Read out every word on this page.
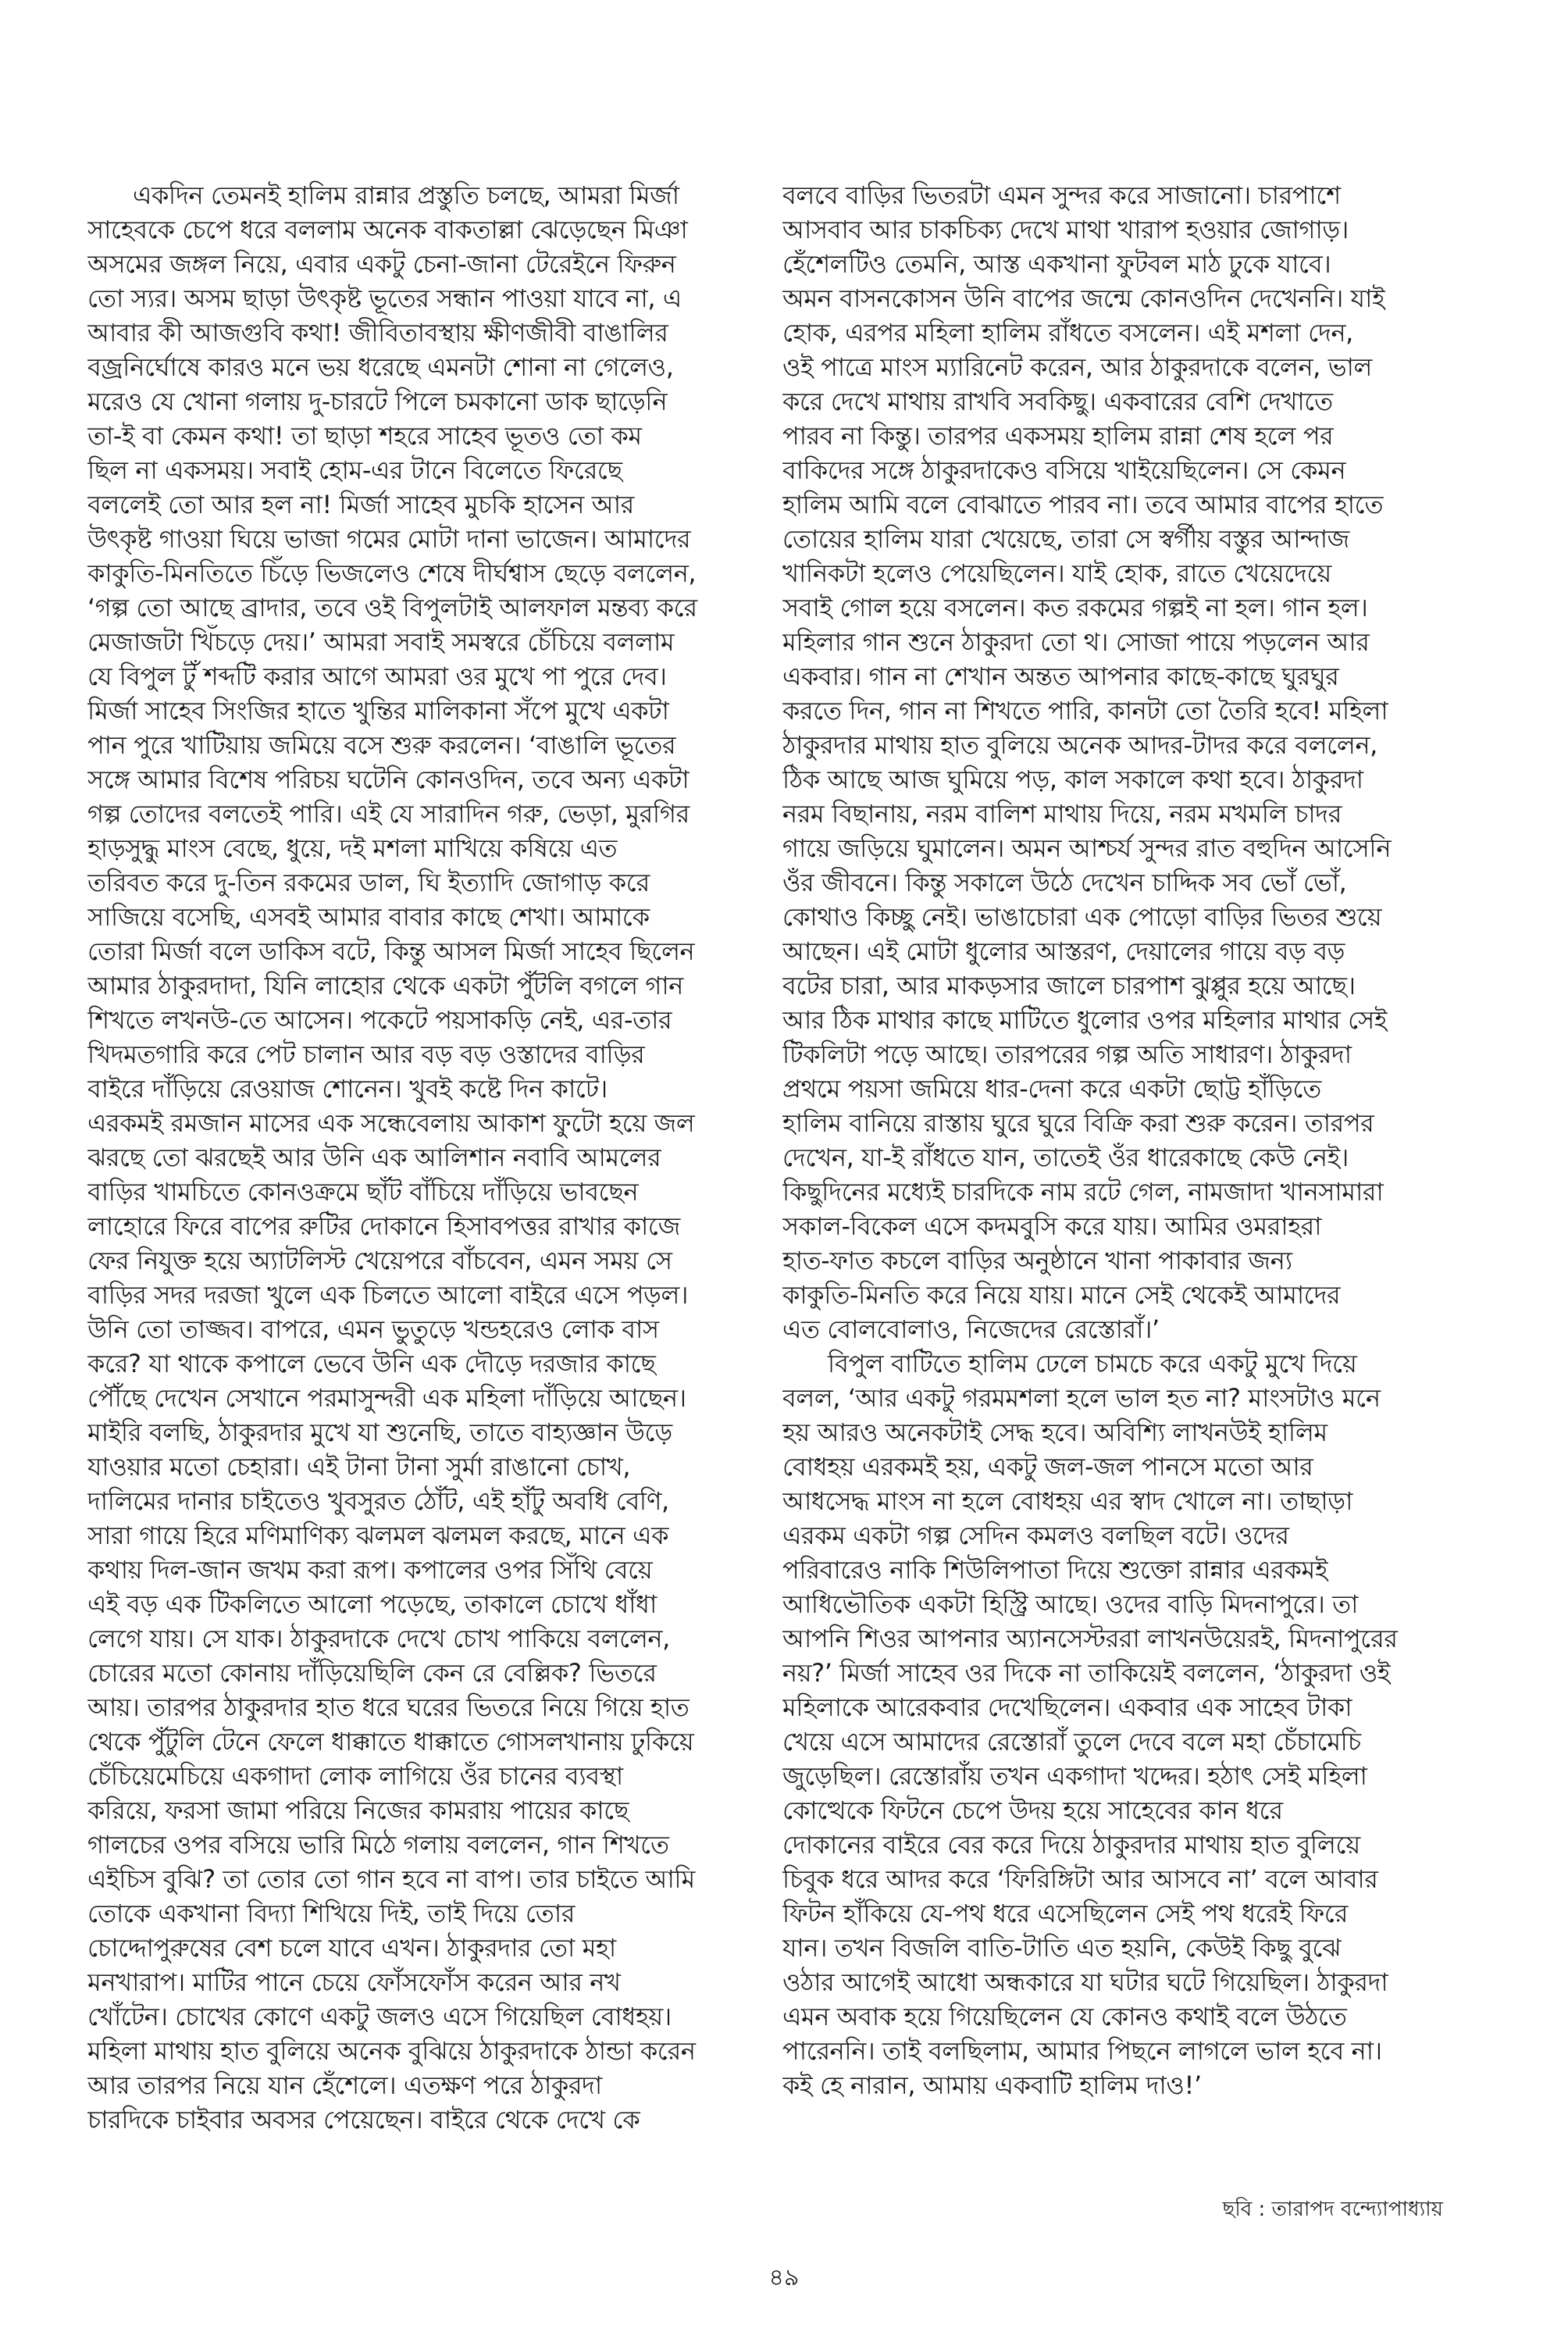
একদিন তেমনই হালিম রান্নার প্রস্তুতি চলছে, আমরা মির্জা
সাহেবকে চেপে ধরে বললাম অনেক বাকতাল্লা ঝেড়েছেন মিঞা
অসমের জঙ্গল নিয়ে, এবার একটু চেনা-জানা টেরেইনে ফিরুন
তো স্যর। অসম ছাড়া উৎকৃষ্ট ভূতের সন্ধান পাওয়া যাবে না, এ
আবার কী আজগুবি কথা! জীবিতাবস্থায় ক্ষীণজীবী বাঙালির
বজ্রনির্ঘোষে কারও মনে ভয় ধরেছে এমনটা শোনা না গেলেও,
মরেও যে খোনা গলায় দু-চারটে পিলে চমকানো ডাক ছাড়েনি
তা-ই বা কেমন কথা! তা ছাড়া শহরে সাহেব ভূতও তো কম
ছিল না একসময়। সবাই হোম-এর টানে বিলেতে ফিরেছে
বললেই তো আর হল না! মির্জা সাহেব মুচকি হাসেন আর
উৎকৃষ্ট গাওয়া ঘিয়ে ভাজা গমের মোটা দানা ভাজেন। আমাদের
কাকুতি-মিনতিতে চিঁড়ে ভিজলেও শেষে দীর্ঘশ্বাস ছেড়ে বললেন,
‘গল্প তো আছে ব্রাদার, তবে ওই বিপুলটাই আলফাল মন্তব্য করে
মেজাজটা খিঁচড়ে দেয়।’ আমরা সবাই সমস্বরে চেঁচিয়ে বললাম
যে বিপুল টুঁ শব্দটি করার আগে আমরা ওর মুখে পা পুরে দেব।
মির্জা সাহেব সিংজির হাতে খুন্তির মালিকানা সঁপে মুখে একটা
পান পুরে খাটিয়ায় জমিয়ে বসে শুরু করলেন। ‘বাঙালি ভূতের
সঙ্গে আমার বিশেষ পরিচয় ঘটেনি কোনওদিন, তবে অন্য একটা
গল্প তোদের বলতেই পারি। এই যে সারাদিন গরু, ভেড়া, মুরগির
হাড়সুদ্ধু মাংস বেছে, ধুয়ে, দই মশলা মাখিয়ে কষিয়ে এত
তরিবত করে দু-তিন রকমের ডাল, ঘি ইত্যাদি জোগাড় করে
সাজিয়ে বসেছি, এসবই আমার বাবার কাছে শেখা। আমাকে
তোরা মির্জা বলে ডাকিস বটে, কিন্তু আসল মির্জা সাহেব ছিলেন
আমার ঠাকুরদাদা, যিনি লাহোর থেকে একটা পুঁটলি বগলে গান
শিখতে লখনউ-তে আসেন। পকেটে পয়সাকড়ি নেই, এর-তার
খিদমতগারি করে পেট চালান আর বড় বড় ওস্তাদের বাড়ির
বাইরে দাঁড়িয়ে রেওয়াজ শোনেন। খুবই কষ্টে দিন কাটে।
এরকমই রমজান মাসের এক সন্ধেবেলায় আকাশ ফুটো হয়ে জল
ঝরছে তো ঝরছেই আর উনি এক আলিশান নবাবি আমলের
বাড়ির খামচিতে কোনওক্রমে ছাঁট বাঁচিয়ে দাঁড়িয়ে ভাবছেন
লাহোরে ফিরে বাপের রুটির দোকানে হিসাবপত্তর রাখার কাজে
ফের নিযুক্ত হয়ে অ্যাটলিস্ট খেয়েপরে বাঁচবেন, এমন সময় সে
বাড়ির সদর দরজা খুলে এক চিলতে আলো বাইরে এসে পড়ল।
উনি তো তাজ্জব। বাপরে, এমন ভুতুড়ে খন্ডহরেও লোক বাস
করে? যা থাকে কপালে ভেবে উনি এক দৌড়ে দরজার কাছে
পৌঁছে দেখেন সেখানে পরমাসুন্দরী এক মহিলা দাঁড়িয়ে আছেন।
মাইরি বলছি, ঠাকুরদার মুখে যা শুনেছি, তাতে বাহ্যজ্ঞান উড়ে
যাওয়ার মতো চেহারা। এই টানা টানা সুর্মা রাঙানো চোখ,
দালিমের দানার চাইতেও খুবসুরত ঠোঁট, এই হাঁটু অবধি বেণি,
সারা গায়ে হিরে মণিমাণিক্য ঝলমল ঝলমল করছে, মানে এক
কথায় দিল-জান জখম করা রূপ। কপালের ওপর সিঁথি বেয়ে
এই বড় এক টিকলিতে আলো পড়েছে, তাকালে চোখে ধাঁধা
লেগে যায়। সে যাক। ঠাকুরদাকে দেখে চোখ পাকিয়ে বললেন,
চোরের মতো কোনায় দাঁড়িয়েছিলি কেন রে বেল্লিক? ভিতরে
আয়। তারপর ঠাকুরদার হাত ধরে ঘরের ভিতরে নিয়ে গিয়ে হাত
থেকে পুঁটুলি টেনে ফেলে ধাক্কাতে ধাক্কাতে গোসলখানায় ঢুকিয়ে
চেঁচিয়েমেচিয়ে একগাদা লোক লাগিয়ে ওঁর চানের ব্যবস্থা
করিয়ে, ফরসা জামা পরিয়ে নিজের কামরায় পায়ের কাছে
গালচের ওপর বসিয়ে ভারি মিঠে গলায় বললেন, গান শিখতে
এইচিস বুঝি? তা তোর তো গান হবে না বাপ। তার চাইতে আমি
তোকে একখানা বিদ্যা শিখিয়ে দিই, তাই দিয়ে তোর
চোদ্দোপুরুষের বেশ চলে যাবে এখন। ঠাকুরদার তো মহা
মনখারাপ। মাটির পানে চেয়ে ফোঁসফোঁস করেন আর নখ
খোঁটেন। চোখের কোণে একটু জলও এসে গিয়েছিল বোধহয়।
মহিলা মাথায় হাত বুলিয়ে অনেক বুঝিয়ে ঠাকুরদাকে ঠান্ডা করেন
আর তারপর নিয়ে যান হেঁশেলে। এতক্ষণ পরে ঠাকুরদা
চারদিকে চাইবার অবসর পেয়েছেন। বাইরে থেকে দেখে কে
বলবে বাড়ির ভিতরটা এমন সুন্দর করে সাজানো। চারপাশে
আসবাব আর চাকচিক্য দেখে মাথা খারাপ হওয়ার জোগাড়।
হেঁশেলটিও তেমনি, আস্ত একখানা ফুটবল মাঠ ঢুকে যাবে।
অমন বাসনকোসন উনি বাপের জন্মে কোনওদিন দেখেননি। যাই
হোক, এরপর মহিলা হালিম রাঁধতে বসলেন। এই মশলা দেন,
ওই পাত্রে মাংস ম্যারিনেট করেন, আর ঠাকুরদাকে বলেন, ভাল
করে দেখে মাথায় রাখবি সবকিছু। একবারের বেশি দেখাতে
পারব না কিন্তু। তারপর একসময় হালিম রান্না শেষ হলে পর
বাকিদের সঙ্গে ঠাকুরদাকেও বসিয়ে খাইয়েছিলেন। সে কেমন
হালিম আমি বলে বোঝাতে পারব না। তবে আমার বাপের হাতে
তোয়ের হালিম যারা খেয়েছে, তারা সে স্বর্গীয় বস্তুর আন্দাজ
খানিকটা হলেও পেয়েছিলেন। যাই হোক, রাতে খেয়েদেয়ে
সবাই গোল হয়ে বসলেন। কত রকমের গল্পই না হল। গান হল।
মহিলার গান শুনে ঠাকুরদা তো থ। সোজা পায়ে পড়লেন আর
একবার। গান না শেখান অন্তত আপনার কাছে-কাছে ঘুরঘুর
করতে দিন, গান না শিখতে পারি, কানটা তো তৈরি হবে! মহিলা
ঠাকুরদার মাথায় হাত বুলিয়ে অনেক আদর-টাদর করে বললেন,
ঠিক আছে আজ ঘুমিয়ে পড়, কাল সকালে কথা হবে। ঠাকুরদা
নরম বিছানায়, নরম বালিশ মাথায় দিয়ে, নরম মখমলি চাদর
গায়ে জড়িয়ে ঘুমালেন। অমন আশ্চর্য সুন্দর রাত বহুদিন আসেনি
ওঁর জীবনে। কিন্তু সকালে উঠে দেখেন চাদ্দিক সব ভোঁ ভোঁ,
কোথাও কিচ্ছু নেই। ভাঙাচোরা এক পোড়ো বাড়ির ভিতর শুয়ে
আছেন। এই মোটা ধুলোর আস্তরণ, দেয়ালের গায়ে বড় বড়
বটের চারা, আর মাকড়সার জালে চারপাশ ঝুপ্পুর হয়ে আছে।
আর ঠিক মাথার কাছে মাটিতে ধুলোর ওপর মহিলার মাথার সেই
টিকলিটা পড়ে আছে। তারপরের গল্প অতি সাধারণ। ঠাকুরদা
প্রথমে পয়সা জমিয়ে ধার-দেনা করে একটা ছোট্ট হাঁড়িতে
হালিম বানিয়ে রাস্তায় ঘুরে ঘুরে বিক্রি করা শুরু করেন। তারপর
দেখেন, যা-ই রাঁধতে যান, তাতেই ওঁর ধারেকাছে কেউ নেই।
কিছুদিনের মধ্যেই চারদিকে নাম রটে গেল, নামজাদা খানসামারা
সকাল-বিকেল এসে কদমবুসি করে যায়। আমির ওমরাহরা
হাত-ফাত কচলে বাড়ির অনুষ্ঠানে খানা পাকাবার জন্য
কাকুতি-মিনতি করে নিয়ে যায়। মানে সেই থেকেই আমাদের
এত বোলবোলাও, নিজেদের রেস্তোরাঁ।’
বিপুল বাটিতে হালিম ঢেলে চামচে করে একটু মুখে দিয়ে
বলল, ‘আর একটু গরমমশলা হলে ভাল হত না? মাংসটাও মনে
হয় আরও অনেকটাই সেদ্ধ হবে। অবিশ্যি লাখনউই হালিম
বোধহয় এরকমই হয়, একটু জল-জল পানসে মতো আর
আধসেদ্ধ মাংস না হলে বোধহয় এর স্বাদ খোলে না। তাছাড়া
এরকম একটা গল্প সেদিন কমলও বলছিল বটে। ওদের
পরিবারেও নাকি শিউলিপাতা দিয়ে শুক্তো রান্নার এরকমই
আধিভৌতিক একটা হিস্ট্রি আছে। ওদের বাড়ি মিদনাপুরে। তা
আপনি শিওর আপনার অ্যানসেস্টররা লাখনউয়েরই, মিদনাপুরের
নয়?’ মির্জা সাহেব ওর দিকে না তাকিয়েই বললেন, ‘ঠাকুরদা ওই
মহিলাকে আরেকবার দেখেছিলেন। একবার এক সাহেব টাকা
খেয়ে এসে আমাদের রেস্তোরাঁ তুলে দেবে বলে মহা চেঁচামেচি
জুড়েছিল। রেস্তোরাঁয় তখন একগাদা খদ্দের। হঠাৎ সেই মহিলা
কোত্থেকে ফিটনে চেপে উদয় হয়ে সাহেবের কান ধরে
দোকানের বাইরে বের করে দিয়ে ঠাকুরদার মাথায় হাত বুলিয়ে
চিবুক ধরে আদর করে ‘ফিরিঙ্গিটা আর আসবে না’ বলে আবার
ফিটন হাঁকিয়ে যে-পথ ধরে এসেছিলেন সেই পথ ধরেই ফিরে
যান। তখন বিজলি বাতি-টাতি এত হয়নি, কেউই কিছু বুঝে
ওঠার আগেই আধো অন্ধকারে যা ঘটার ঘটে গিয়েছিল। ঠাকুরদা
এমন অবাক হয়ে গিয়েছিলেন যে কোনও কথাই বলে উঠতে
পারেননি। তাই বলছিলাম, আমার পিছনে লাগলে ভাল হবে না।
কই হে নারান, আমায় একবাটি হালিম দাও!’
ছবি : তারাপদ বন্দ্যোপাধ্যায়
৪৯
